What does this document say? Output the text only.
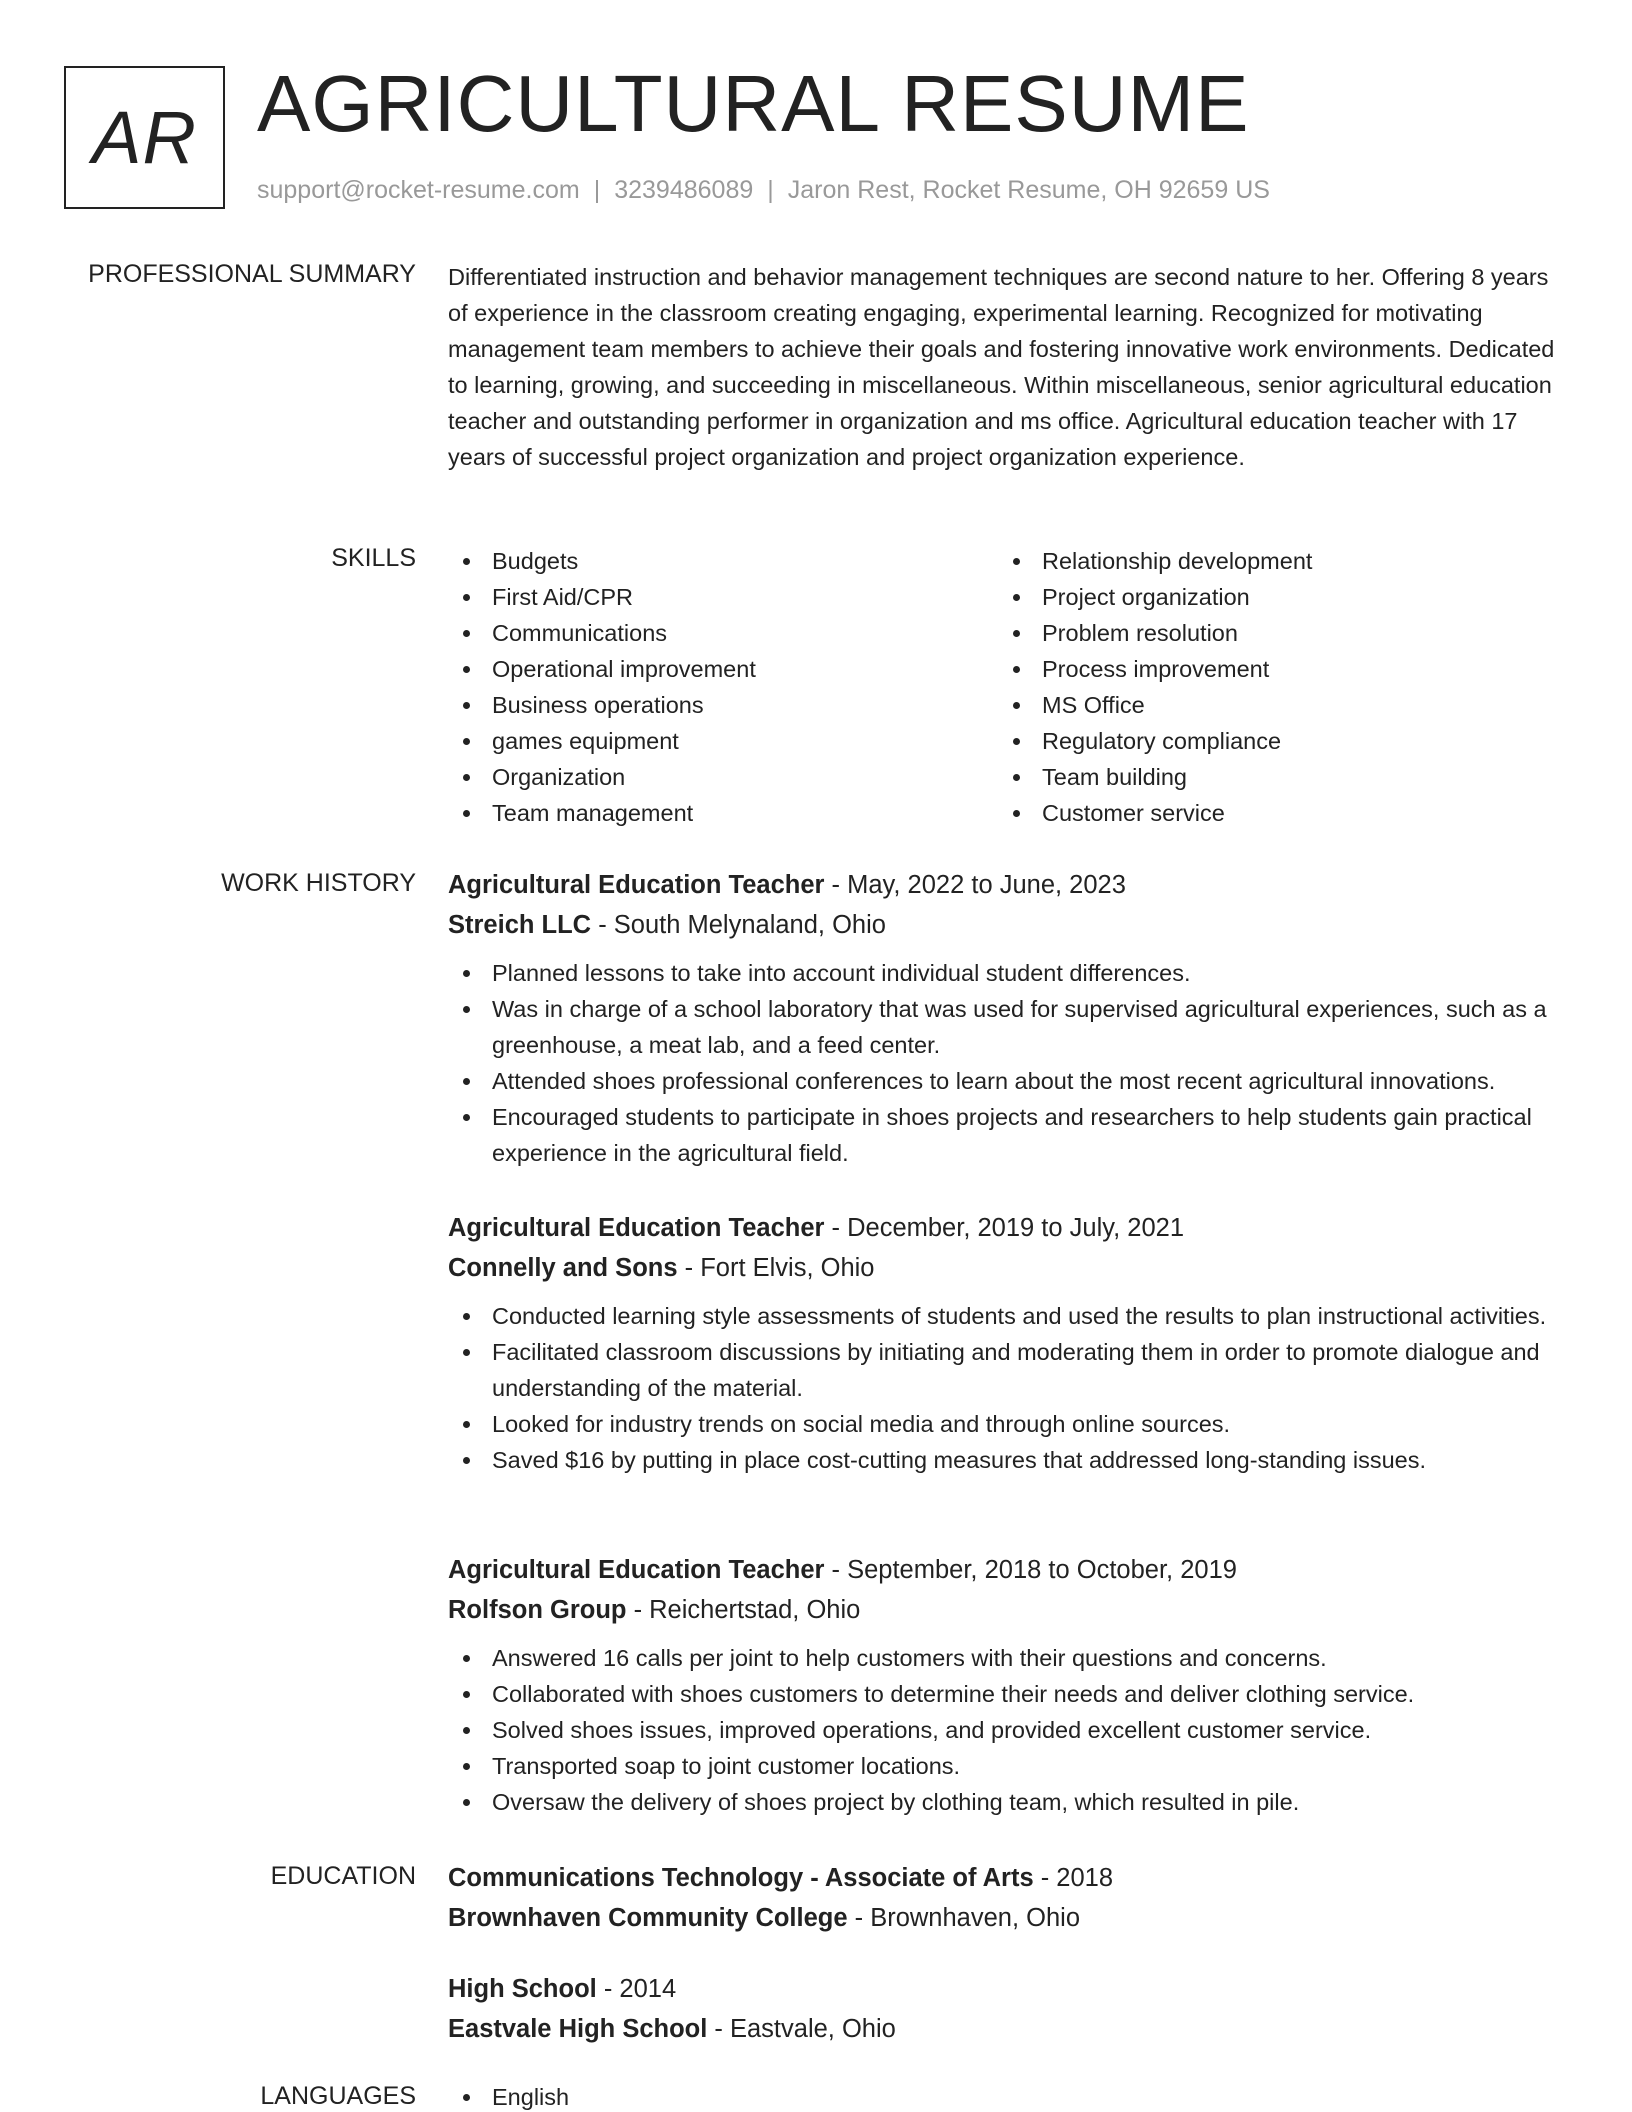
AR AGRICULTURAL RESUME
support@rocket-resume.com | 3239486089 | Jaron Rest, Rocket Resume, OH 92659 US
PROFESSIONAL SUMMARY Differentiated instruction and behavior management techniques are second nature to her. Offering 8 years of experience in the classroom creating engaging, experimental learning. Recognized for motivating management team members to achieve their goals and fostering innovative work environments. Dedicated to learning, growing, and succeeding in miscellaneous. Within miscellaneous, senior agricultural education teacher and outstanding performer in organization and ms office. Agricultural education teacher with 17 years of successful project organization and project organization experience.
SKILLS	Budgets
First Aid/CPR
Communications
Operational improvement
Business operations
games equipment
Organization
Team management
Relationship development
Project organization
Problem resolution
Process improvement
MS Office
Regulatory compliance
Team building
Customer service
WORK HISTORY Agricultural Education Teacher - May, 2022 to June, 2023
Streich LLC - South Melynaland, Ohio
Planned lessons to take into account individual student differences.
Was in charge of a school laboratory that was used for supervised agricultural experiences, such as a greenhouse, a meat lab, and a feed center.
Attended shoes professional conferences to learn about the most recent agricultural innovations.
Encouraged students to participate in shoes projects and researchers to help students gain practical experience in the agricultural field.
Agricultural Education Teacher - December, 2019 to July, 2021
Connelly and Sons - Fort Elvis, Ohio
Conducted learning style assessments of students and used the results to plan instructional activities.
Facilitated classroom discussions by initiating and moderating them in order to promote dialogue and understanding of the material.
Looked for industry trends on social media and through online sources.
Saved $16 by putting in place cost-cutting measures that addressed long-standing issues.
Agricultural Education Teacher - September, 2018 to October, 2019
Rolfson Group - Reichertstad, Ohio
Answered 16 calls per joint to help customers with their questions and concerns.
Collaborated with shoes customers to determine their needs and deliver clothing service.
Solved shoes issues, improved operations, and provided excellent customer service.
Transported soap to joint customer locations.
Oversaw the delivery of shoes project by clothing team, which resulted in pile.
EDUCATION Communications Technology - Associate of Arts - 2018
Brownhaven Community College - Brownhaven, Ohio
High School - 2014
Eastvale High School - Eastvale, Ohio
LANGUAGES	English
